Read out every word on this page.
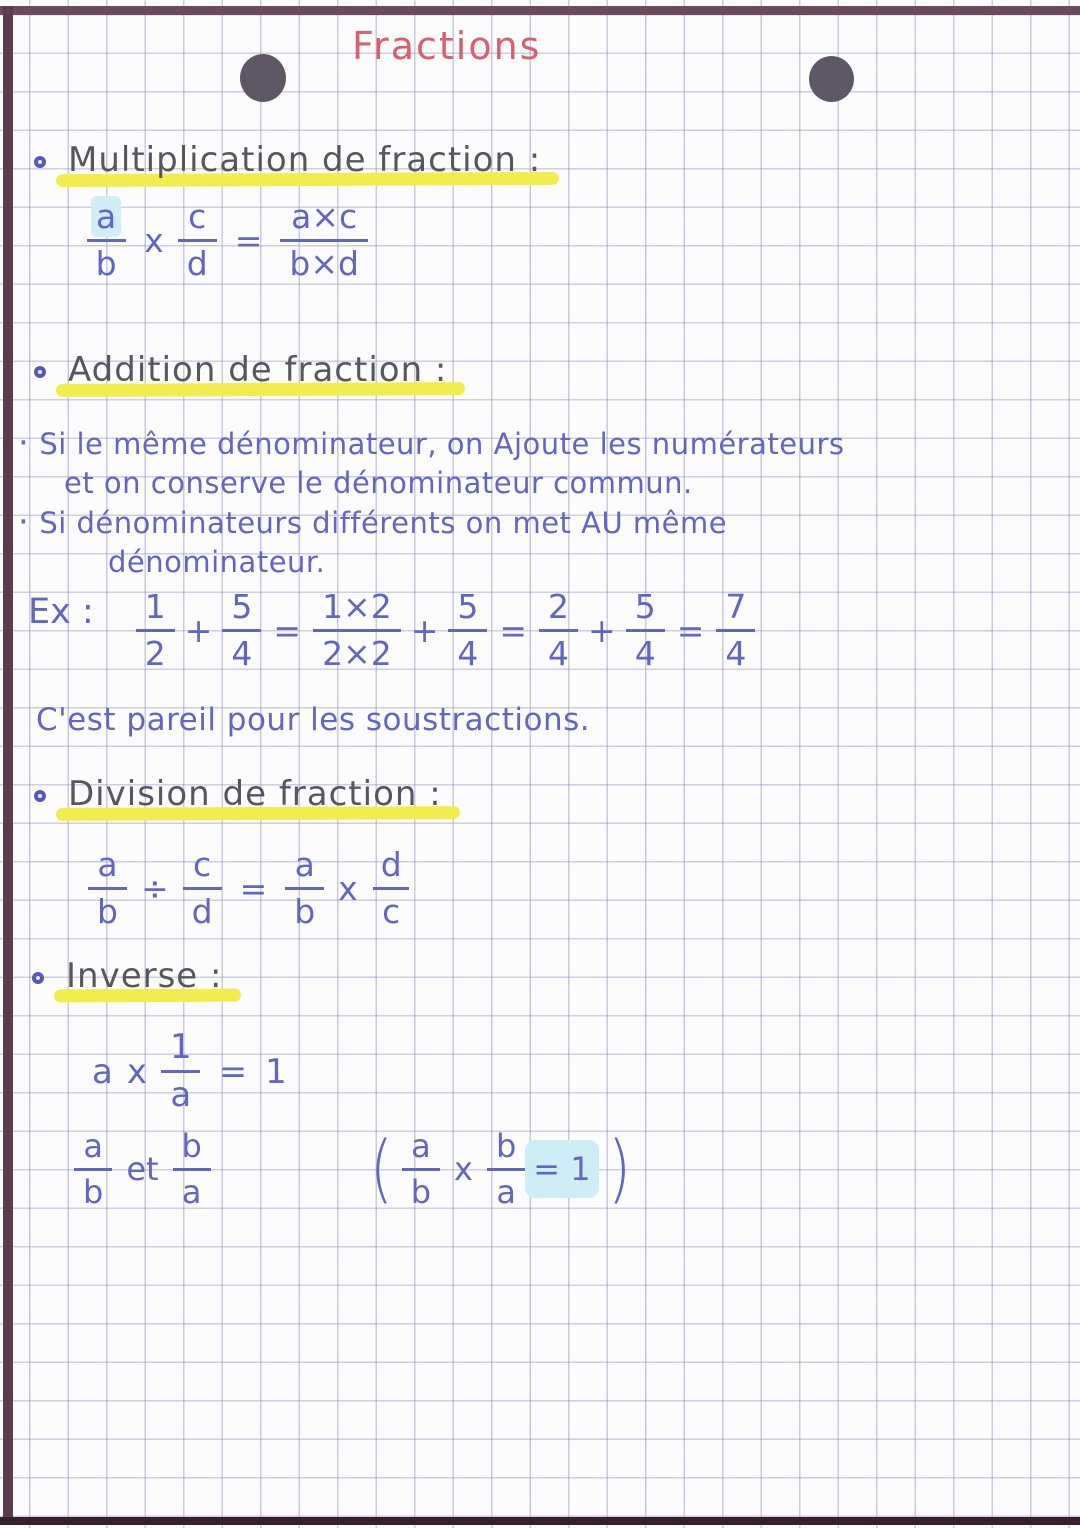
Fractions
Multiplication de fraction :
$\frac{a}{b}$ x $\frac{c}{d} = \frac{a\times c}{b\times d}$
Addition de fraction :
· Si le même dénominateur, on Ajoute les numérateurs
et on conserve le dénominateur commun.
· Si dénominateurs différents on met AU même
dénominateur.
Ex : $\frac{1}{2} + \frac{5}{4} = \frac{1\times 2}{2\times 2} + \frac{5}{4} = \frac{2}{4} + \frac{5}{4} = \frac{7}{4}$
C'est pareil pour les soustractions.
Division de fraction :
$\frac{a}{b} \div \frac{c}{d} = \frac{a}{b}$ x $\frac{d}{c}$
Inverse :
a x $\frac{1}{a} = 1$
$\frac{a}{b}$ et $\frac{b}{a}$ ( $\frac{a}{b}$ x $\frac{b}{a} = 1$ )
